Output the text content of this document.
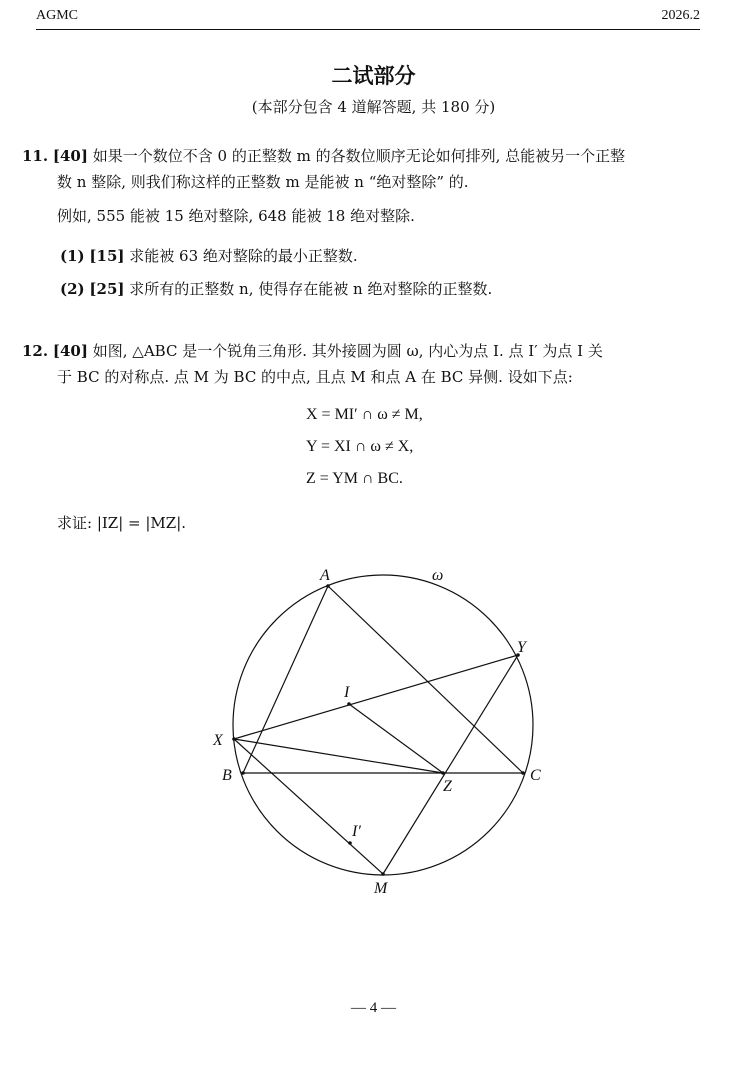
AGMC	2026.2
二试部分
(本部分包含 4 道解答题, 共 180 分)
11. [40] 如果一个数位不含 0 的正整数 m 的各数位顺序无论如何排列, 总能被另一个正整
数 n 整除, 则我们称这样的正整数 m 是能被 n “绝对整除” 的.
例如, 555 能被 15 绝对整除, 648 能被 18 绝对整除.
(1) [15] 求能被 63 绝对整除的最小正整数.
(2) [25] 求所有的正整数 n, 使得存在能被 n 绝对整除的正整数.
12. [40] 如图, △ABC 是一个锐角三角形. 其外接圆为圆 ω, 内心为点 I. 点 I′ 为点 I 关
于 BC 的对称点. 点 M 为 BC 的中点, 且点 M 和点 A 在 BC 异侧. 设如下点:
X = MI′ ∩ ω ≠ M,
Y = XI ∩ ω ≠ X,
Z = YM ∩ BC.
求证: |IZ| = |MZ|.
A
B	C
X
Y
Z
I
I′
M
ω
— 4 —
